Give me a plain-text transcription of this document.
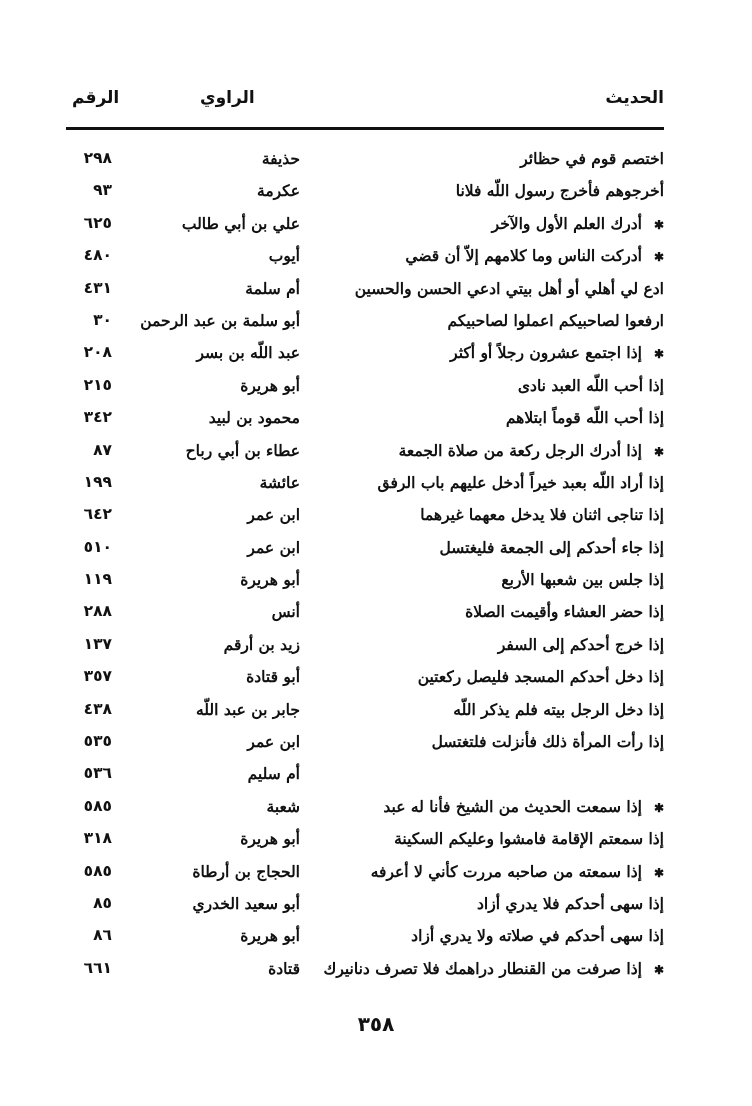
الحديث
الراوي
الرقم
اختصم قوم في حظائر
حذيفة
٢٩٨
أخرجوهم فأخرج رسول اللّه فلانا
عكرمة
٩٣
✱أدرك العلم الأول والآخر
علي بن أبي طالب
٦٢٥
✱أدركت الناس وما كلامهم إلاّ أن قضي
أيوب
٤٨٠
ادع لي أهلي أو أهل بيتي ادعي الحسن والحسين
أم سلمة
٤٣١
ارفعوا لصاحبيكم اعملوا لصاحبيكم
أبو سلمة بن عبد الرحمن
٣٠
✱إذا اجتمع عشرون رجلاً أو أكثر
عبد اللّه بن بسر
٢٠٨
إذا أحب اللّه العبد نادى
أبو هريرة
٢١٥
إذا أحب اللّه قوماً ابتلاهم
محمود بن لبيد
٣٤٢
✱إذا أدرك الرجل ركعة من صلاة الجمعة
عطاء بن أبي رباح
٨٧
إذا أراد اللّه بعبد خيراً أدخل عليهم باب الرفق
عائشة
١٩٩
إذا تناجى اثنان فلا يدخل معهما غيرهما
ابن عمر
٦٤٢
إذا جاء أحدكم إلى الجمعة فليغتسل
ابن عمر
٥١٠
إذا جلس بين شعبها الأربع
أبو هريرة
١١٩
إذا حضر العشاء وأقيمت الصلاة
أنس
٢٨٨
إذا خرج أحدكم إلى السفر
زيد بن أرقم
١٣٧
إذا دخل أحدكم المسجد فليصل ركعتين
أبو قتادة
٣٥٧
إذا دخل الرجل بيته فلم يذكر اللّه
جابر بن عبد اللّه
٤٣٨
إذا رأت المرأة ذلك فأنزلت فلتغتسل
ابن عمر
٥٣٥
أم سليم
٥٣٦
✱إذا سمعت الحديث من الشيخ فأنا له عبد
شعبة
٥٨٥
إذا سمعتم الإقامة فامشوا وعليكم السكينة
أبو هريرة
٣١٨
✱إذا سمعته من صاحبه مررت كأني لا أعرفه
الحجاج بن أرطاة
٥٨٥
إذا سهى أحدكم فلا يدري أزاد
أبو سعيد الخدري
٨٥
إذا سهى أحدكم في صلاته ولا يدري أزاد
أبو هريرة
٨٦
✱إذا صرفت من القنطار دراهمك فلا تصرف دنانيرك
قتادة
٦٦١
٣٥٨
